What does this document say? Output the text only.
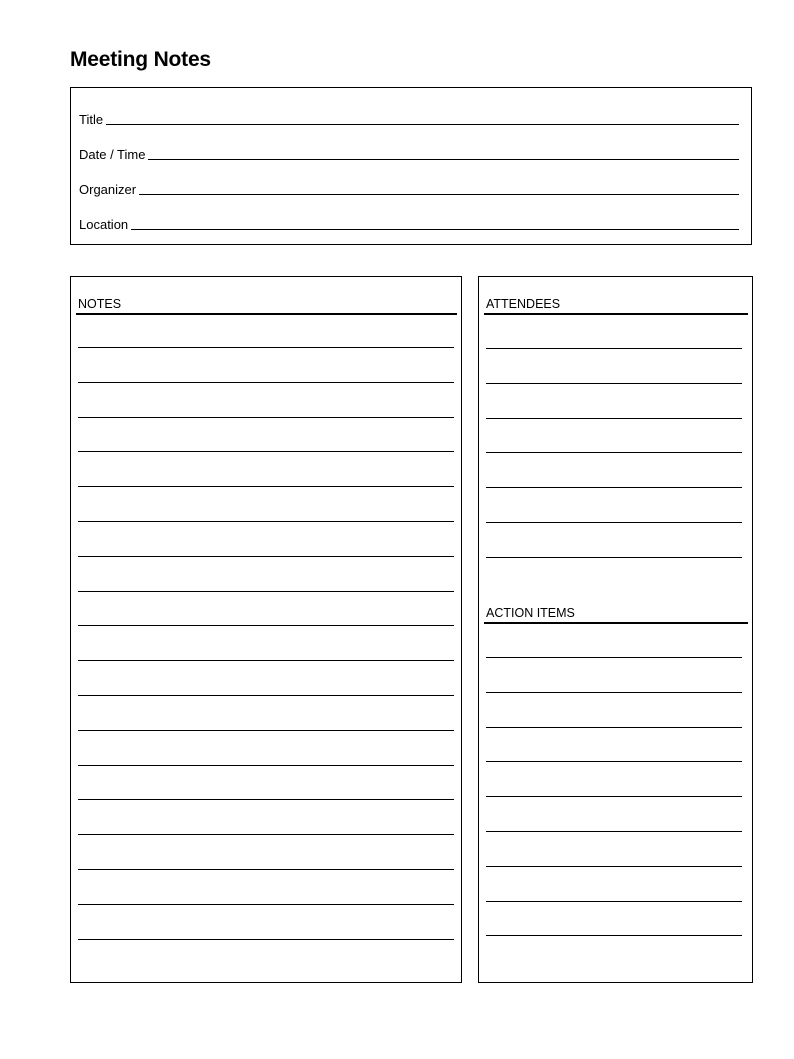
Meeting Notes
Title
Date / Time
Organizer
Location
NOTES	ATTENDEES
ACTION ITEMS
